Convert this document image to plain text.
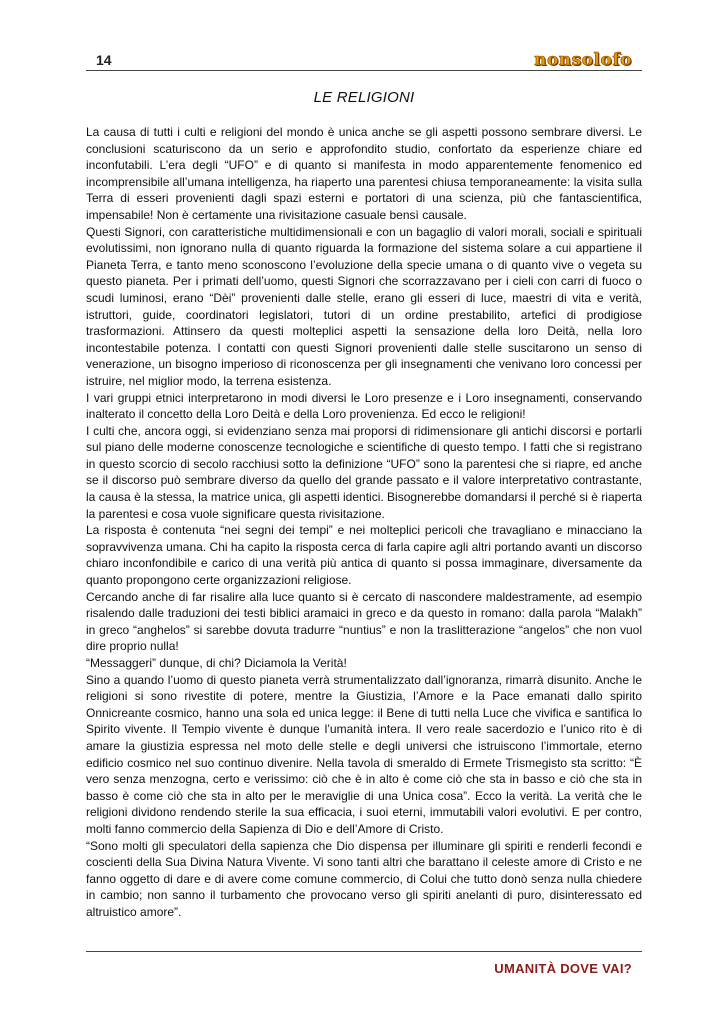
14	nonsolofo
LE RELIGIONI

La causa di tutti i culti e religioni del mondo è unica anche se gli aspetti possono sembrare diversi. Le conclusioni scaturiscono da un serio e approfondito studio, confortato da esperienze chiare ed inconfutabili. L’era degli “UFO” e di quanto si manifesta in modo apparentemente fenomenico ed incomprensibile all’umana intelligenza, ha riaperto una parentesi chiusa temporaneamente: la visita sulla Terra di esseri provenienti dagli spazi esterni e portatori di una scienza, più che fantascientifica, impensabile! Non è certamente una rivisitazione casuale bensì causale.

Questi Signori, con caratteristiche multidimensionali e con un bagaglio di valori morali, sociali e spirituali evolutissimi, non ignorano nulla di quanto riguarda la formazione del sistema solare a cui appartiene il Pianeta Terra, e tanto meno sconoscono l’evoluzione della specie umana o di quanto vive o vegeta su questo pianeta. Per i primati dell’uomo, questi Signori che scorrazzavano per i cieli con carri di fuoco o scudi luminosi, erano “Dèi” provenienti dalle stelle, erano gli esseri di luce, maestri di vita e verità, istruttori, guide, coordinatori legislatori, tutori di un ordine prestabilito, artefici di prodigiose trasformazioni. Attinsero da questi molteplici aspetti la sensazione della loro Deità, nella loro incontestabile potenza. I contatti con questi Signori provenienti dalle stelle suscitarono un senso di venerazione, un bisogno imperioso di riconoscenza per gli insegnamenti che venivano loro concessi per istruire, nel miglior modo, la terrena esistenza.

I vari gruppi etnici interpretarono in modi diversi le Loro presenze e i Loro insegnamenti, conservando inalterato il concetto della Loro Deità e della Loro provenienza. Ed ecco le religioni!

I culti che, ancora oggi, si evidenziano senza mai proporsi di ridimensionare gli antichi discorsi e portarli sul piano delle moderne conoscenze tecnologiche e scientifiche di questo tempo. I fatti che si registrano in questo scorcio di secolo racchiusi sotto la definizione “UFO” sono la parentesi che si riapre, ed anche se il discorso può sembrare diverso da quello del grande passato e il valore interpretativo contrastante, la causa è la stessa, la matrice unica, gli aspetti identici. Bisognerebbe domandarsi il perché si è riaperta la parentesi e cosa vuole significare questa rivisitazione.

La risposta è contenuta “nei segni dei tempi” e nei molteplici pericoli che travagliano e minacciano la sopravvivenza umana. Chi ha capito la risposta cerca di farla capire agli altri portando avanti un discorso chiaro inconfondibile e carico di una verità più antica di quanto si possa immaginare, diversamente da quanto propongono certe organizzazioni religiose.

Cercando anche di far risalire alla luce quanto si è cercato di nascondere maldestramente, ad esempio risalendo dalle traduzioni dei testi biblici aramaici in greco e da questo in romano: dalla parola “Malakh” in greco “anghelos” si sarebbe dovuta tradurre “nuntius” e non la traslitterazione “angelos” che non vuol dire proprio nulla!

“Messaggeri” dunque, di chi? Diciamola la Verità!

Sino a quando l’uomo di questo pianeta verrà strumentalizzato dall’ignoranza, rimarrà disunito. Anche le religioni si sono rivestite di potere, mentre la Giustizia, l’Amore e la Pace emanati dallo spirito Onnicreante cosmico, hanno una sola ed unica legge: il Bene di tutti nella Luce che vivifica e santifica lo Spirito vivente. Il Tempio vivente è dunque l’umanità intera. Il vero reale sacerdozio e l’unico rito è di amare la giustizia espressa nel moto delle stelle e degli universi che istruiscono l’immortale, eterno edificio cosmico nel suo continuo divenire. Nella tavola di smeraldo di Ermete Trismegisto sta scritto: “È vero senza menzogna, certo e verissimo: ciò che è in alto è come ciò che sta in basso e ciò che sta in basso è come ciò che sta in alto per le meraviglie di una Unica cosa”. Ecco la verità. La verità che le religioni dividono rendendo sterile la sua efficacia, i suoi eterni, immutabili valori evolutivi. E per contro, molti fanno commercio della Sapienza di Dio e dell’Amore di Cristo.

“Sono molti gli speculatori della sapienza che Dio dispensa per illuminare gli spiriti e renderli fecondi e coscienti della Sua Divina Natura Vivente. Vi sono tanti altri che barattano il celeste amore di Cristo e ne fanno oggetto di dare e di avere come comune commercio, di Colui che tutto donò senza nulla chiedere in cambio; non sanno il turbamento che provocano verso gli spiriti anelanti di puro, disinteressato ed altruistico amore”.

UMANITÀ DOVE VAI?
